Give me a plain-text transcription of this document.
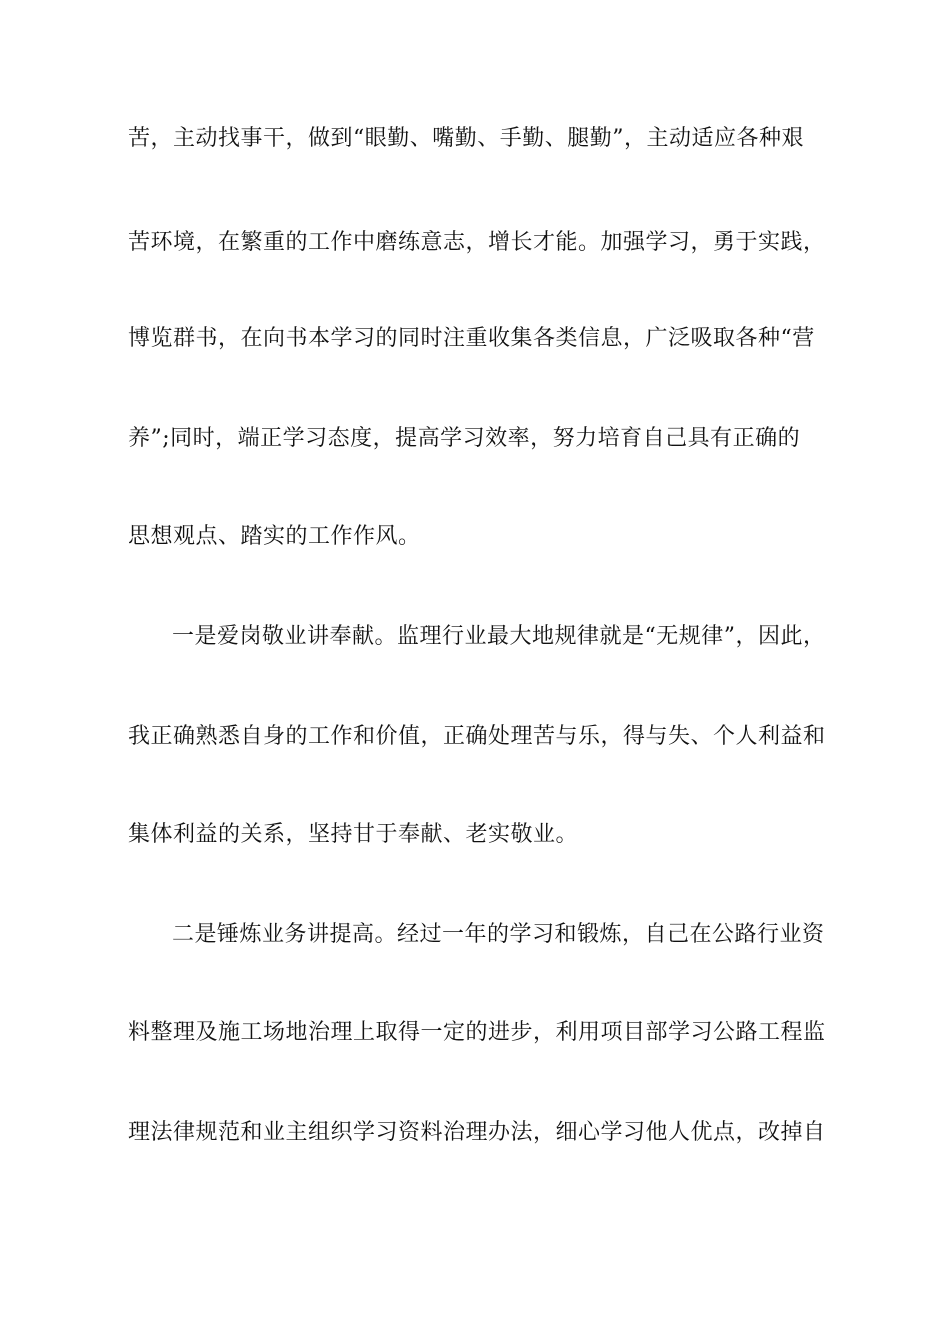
苦，主动找事干，做到“眼勤、嘴勤、手勤、腿勤”，主动适应各种艰
苦环境，在繁重的工作中磨练意志，增长才能。加强学习，勇于实践，
博览群书，在向书本学习的同时注重收集各类信息，广泛吸取各种“营
养”;同时，端正学习态度，提高学习效率，努力培育自己具有正确的
思想观点、踏实的工作作风。
一是爱岗敬业讲奉献。监理行业最大地规律就是“无规律”，因此，
我正确熟悉自身的工作和价值，正确处理苦与乐，得与失、个人利益和
集体利益的关系，坚持甘于奉献、老实敬业。
二是锤炼业务讲提高。经过一年的学习和锻炼，自己在公路行业资
料整理及施工场地治理上取得一定的进步，利用项目部学习公路工程监
理法律规范和业主组织学习资料治理办法，细心学习他人优点，改掉自
